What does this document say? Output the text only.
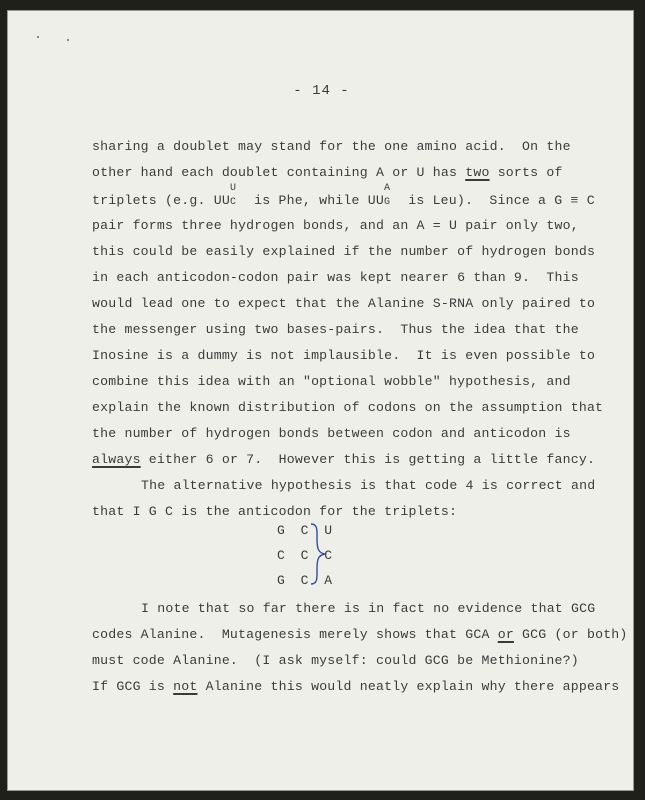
- 14 -
sharing a doublet may stand for the one amino acid.  On the
other hand each doublet containing A or U has two sorts of
triplets (e.g. UU
U
C is Phe, while UU
A
G is Leu).  Since a G ≡ C
pair forms three hydrogen bonds, and an A = U pair only two,
this could be easily explained if the number of hydrogen bonds
in each anticodon-codon pair was kept nearer 6 than 9.  This
would lead one to expect that the Alanine S-RNA only paired to
the messenger using two bases-pairs.  Thus the idea that the
Inosine is a dummy is not implausible.  It is even possible to
combine this idea with an "optional wobble" hypothesis, and
explain the known distribution of codons on the assumption that
the number of hydrogen bonds between codon and anticodon is
always either 6 or 7.  However this is getting a little fancy.
The alternative hypothesis is that code 4 is correct and
that I G C is the anticodon for the triplets:
G C U
C C C
G C A
I note that so far there is in fact no evidence that GCG
codes Alanine.  Mutagenesis merely shows that GCA or GCG (or both)
must code Alanine.  (I ask myself: could GCG be Methionine?)
If GCG is not Alanine this would neatly explain why there appears
